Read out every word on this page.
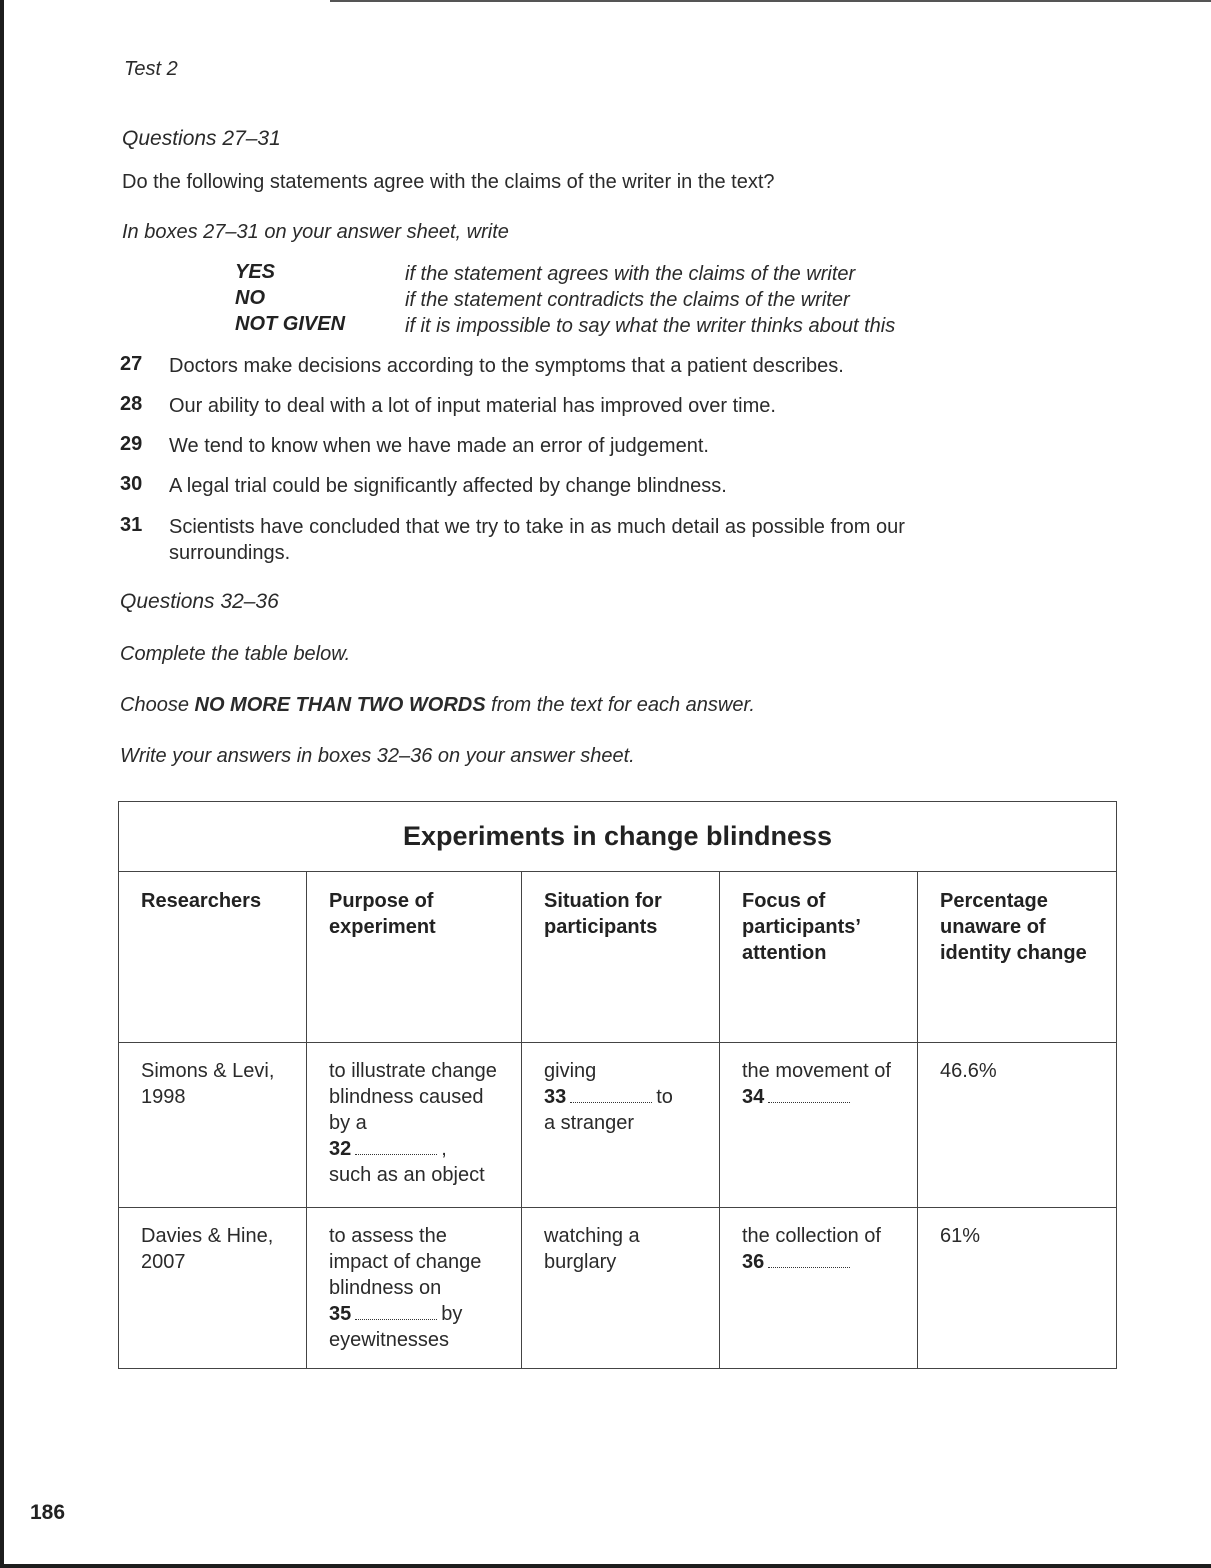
Test 2
Questions 27–31
Do the following statements agree with the claims of the writer in the text?
In boxes 27–31 on your answer sheet, write
YES	if the statement agrees with the claims of the writer
NO	if the statement contradicts the claims of the writer
NOT GIVEN	if it is impossible to say what the writer thinks about this
27 Doctors make decisions according to the symptoms that a patient describes.
28 Our ability to deal with a lot of input material has improved over time.
29 We tend to know when we have made an error of judgement.
30 A legal trial could be significantly affected by change blindness.
31 Scientists have concluded that we try to take in as much detail as possible from our surroundings.
Questions 32–36
Complete the table below.
Choose NO MORE THAN TWO WORDS from the text for each answer.
Write your answers in boxes 32–36 on your answer sheet.
Experiments in change blindness				
Researchers	Purpose of experiment	Situation for participants	Focus of participants’ attention	Percentage unaware of identity change
Simons & Levi, 1998	to illustrate change blindness caused by a
32 ,
such as an object	giving
33 to
a stranger	the movement of 34	46.6%
Davies & Hine, 2007	to assess the impact of change blindness on
35 by
eyewitnesses	watching a burglary	the collection of
36	61%
186
